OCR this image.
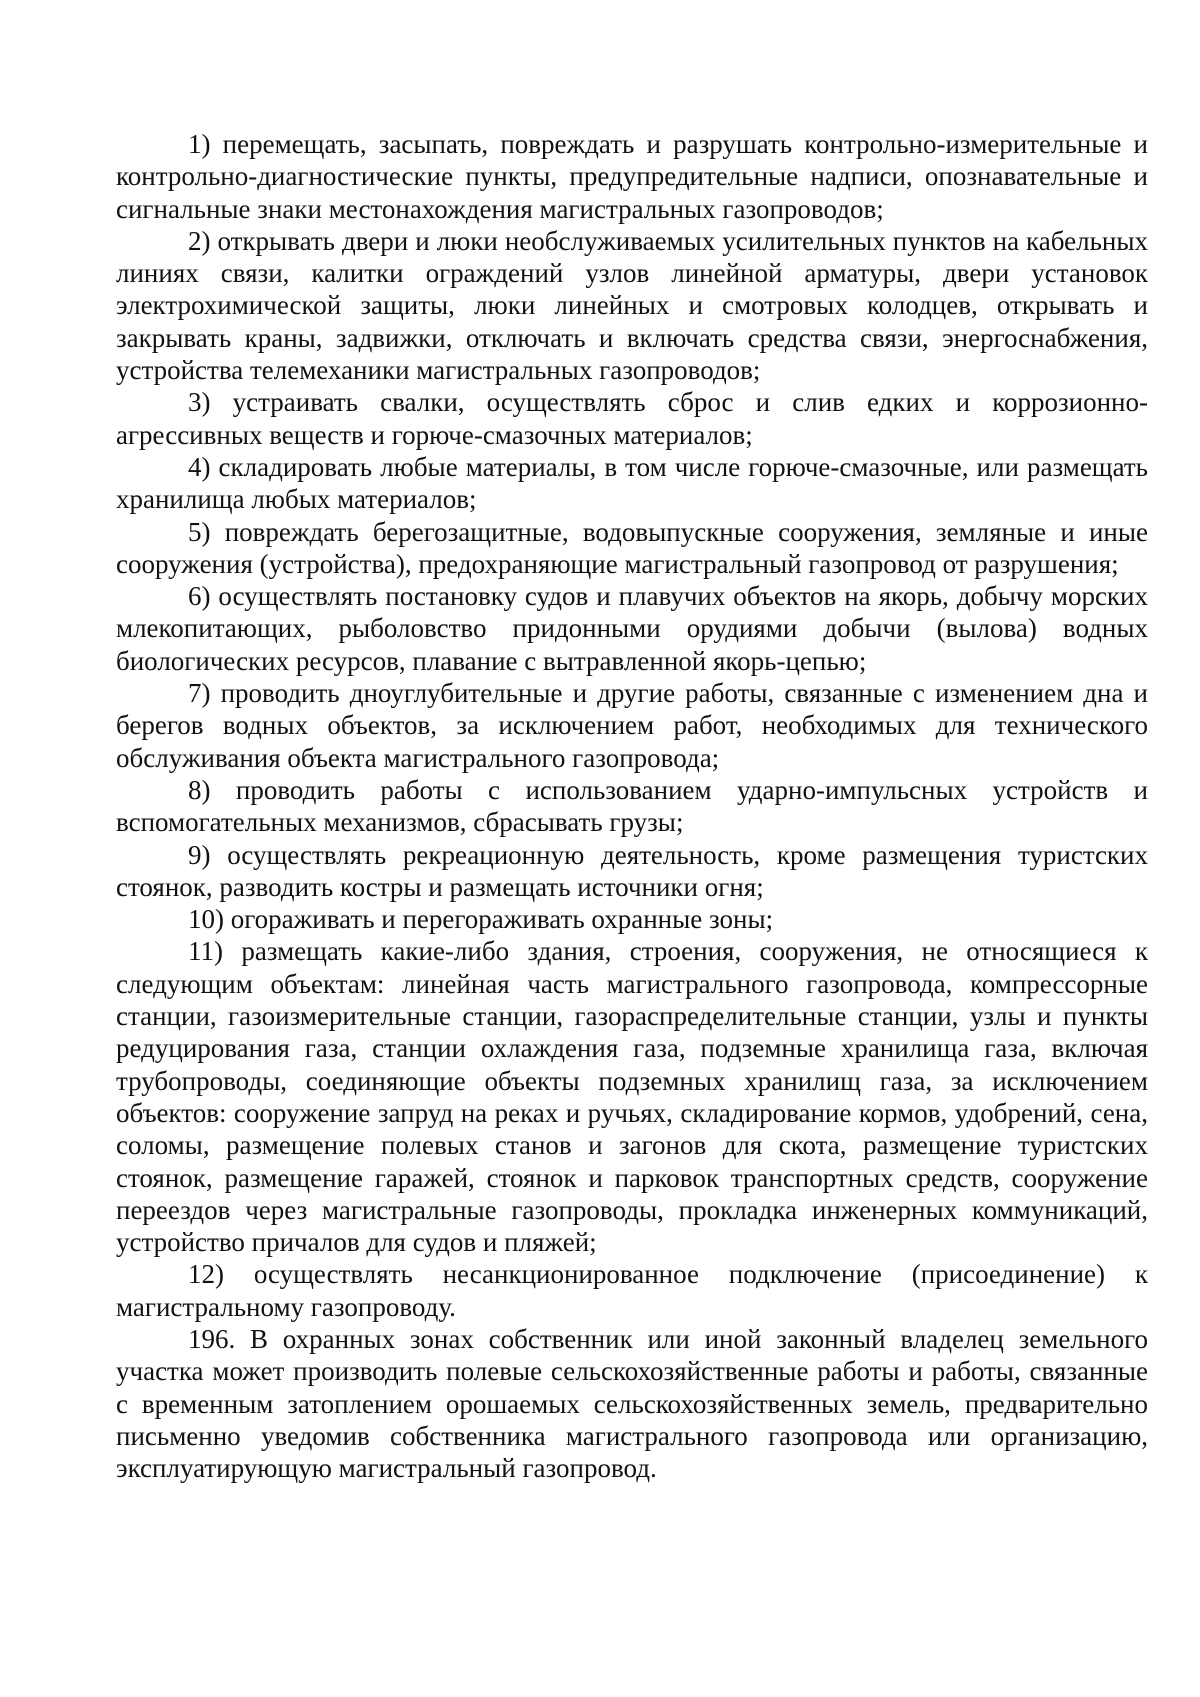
1) перемещать, засыпать, повреждать и разрушать контрольно-измерительные и контрольно-диагностические пункты, предупредительные надписи, опознавательные и сигнальные знаки местонахождения магистральных газопроводов;

2) открывать двери и люки необслуживаемых усилительных пунктов на кабельных линиях связи, калитки ограждений узлов линейной арматуры, двери установок электрохимической защиты, люки линейных и смотровых колодцев, открывать и закрывать краны, задвижки, отключать и включать средства связи, энергоснабжения, устройства телемеханики магистральных газопроводов;

3) устраивать свалки, осуществлять сброс и слив едких и коррозионно-агрессивных веществ и горюче-смазочных материалов;

4) складировать любые материалы, в том числе горюче-смазочные, или размещать хранилища любых материалов;

5) повреждать берегозащитные, водовыпускные сооружения, земляные и иные сооружения (устройства), предохраняющие магистральный газопровод от разрушения;

6) осуществлять постановку судов и плавучих объектов на якорь, добычу морских млекопитающих, рыболовство придонными орудиями добычи (вылова) водных биологических ресурсов, плавание с вытравленной якорь-цепью;

7) проводить дноуглубительные и другие работы, связанные с изменением дна и берегов водных объектов, за исключением работ, необходимых для технического обслуживания объекта магистрального газопровода;

8) проводить работы с использованием ударно-импульсных устройств и вспомогательных механизмов, сбрасывать грузы;

9) осуществлять рекреационную деятельность, кроме размещения туристских стоянок, разводить костры и размещать источники огня;

10) огораживать и перегораживать охранные зоны;

11) размещать какие-либо здания, строения, сооружения, не относящиеся к следующим объектам: линейная часть магистрального газопровода, компрессорные станции, газоизмерительные станции, газораспределительные станции, узлы и пункты редуцирования газа, станции охлаждения газа, подземные хранилища газа, включая трубопроводы, соединяющие объекты подземных хранилищ газа, за исключением объектов: сооружение запруд на реках и ручьях, складирование кормов, удобрений, сена, соломы, размещение полевых станов и загонов для скота, размещение туристских стоянок, размещение гаражей, стоянок и парковок транспортных средств, сооружение переездов через магистральные газопроводы, прокладка инженерных коммуникаций, устройство причалов для судов и пляжей;

12) осуществлять несанкционированное подключение (присоединение) к магистральному газопроводу.

196. В охранных зонах собственник или иной законный владелец земельного участка может производить полевые сельскохозяйственные работы и работы, связанные с временным затоплением орошаемых сельскохозяйственных земель, предварительно письменно уведомив собственника магистрального газопровода или организацию, эксплуатирующую магистральный газопровод.
